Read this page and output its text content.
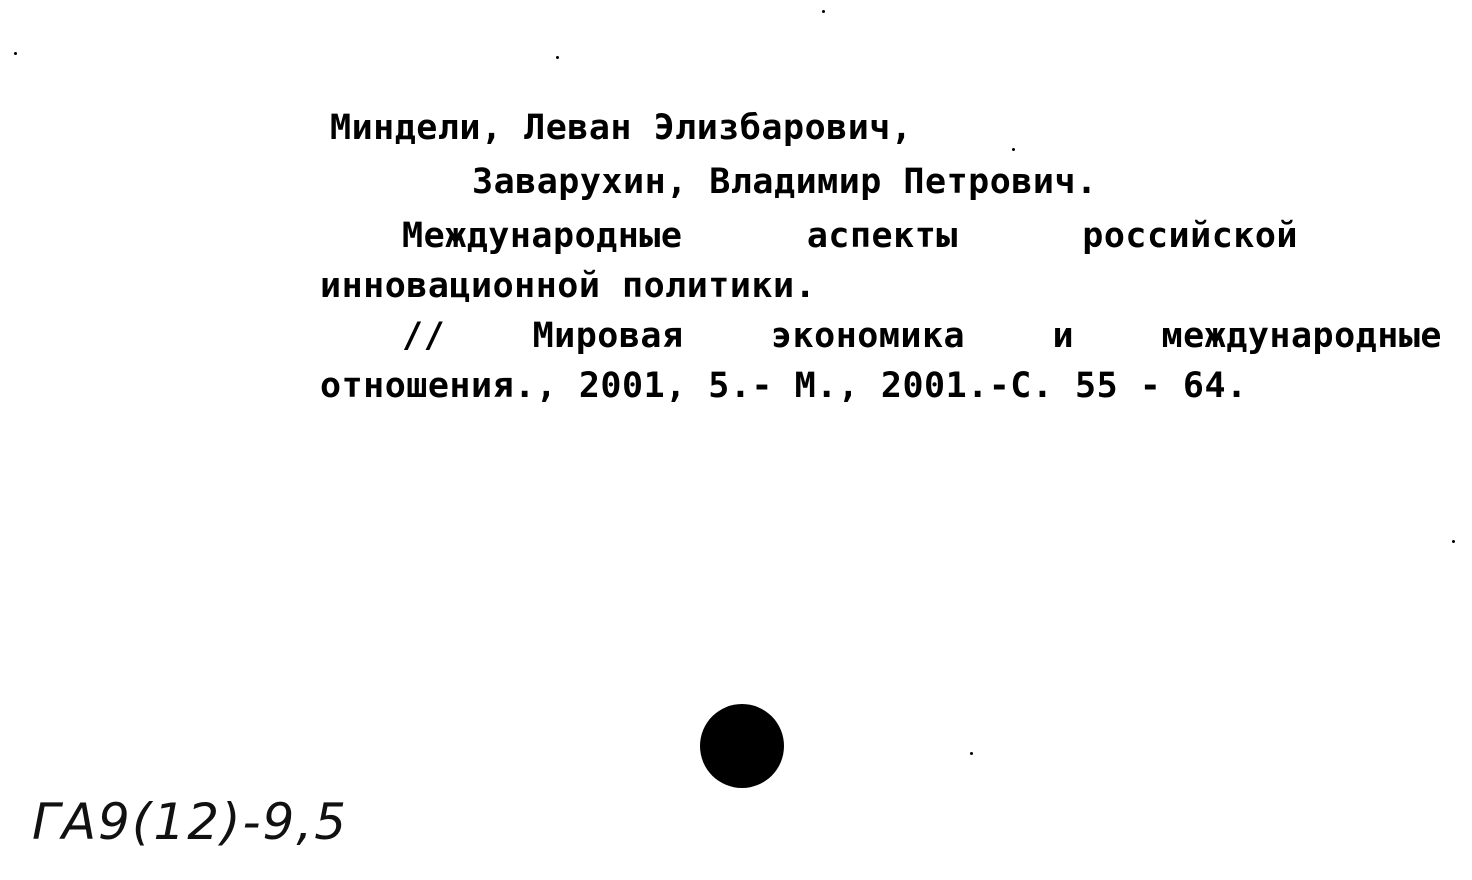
Миндели, Леван Элизбарович,
Заварухин, Владимир Петрович.
Международные	аспекты	российской
инновационной политики.
// Мировая экономика и международные
отношения., 2001, 5.- М., 2001.-С. 55 - 64.
ГА9(12)-9,5
